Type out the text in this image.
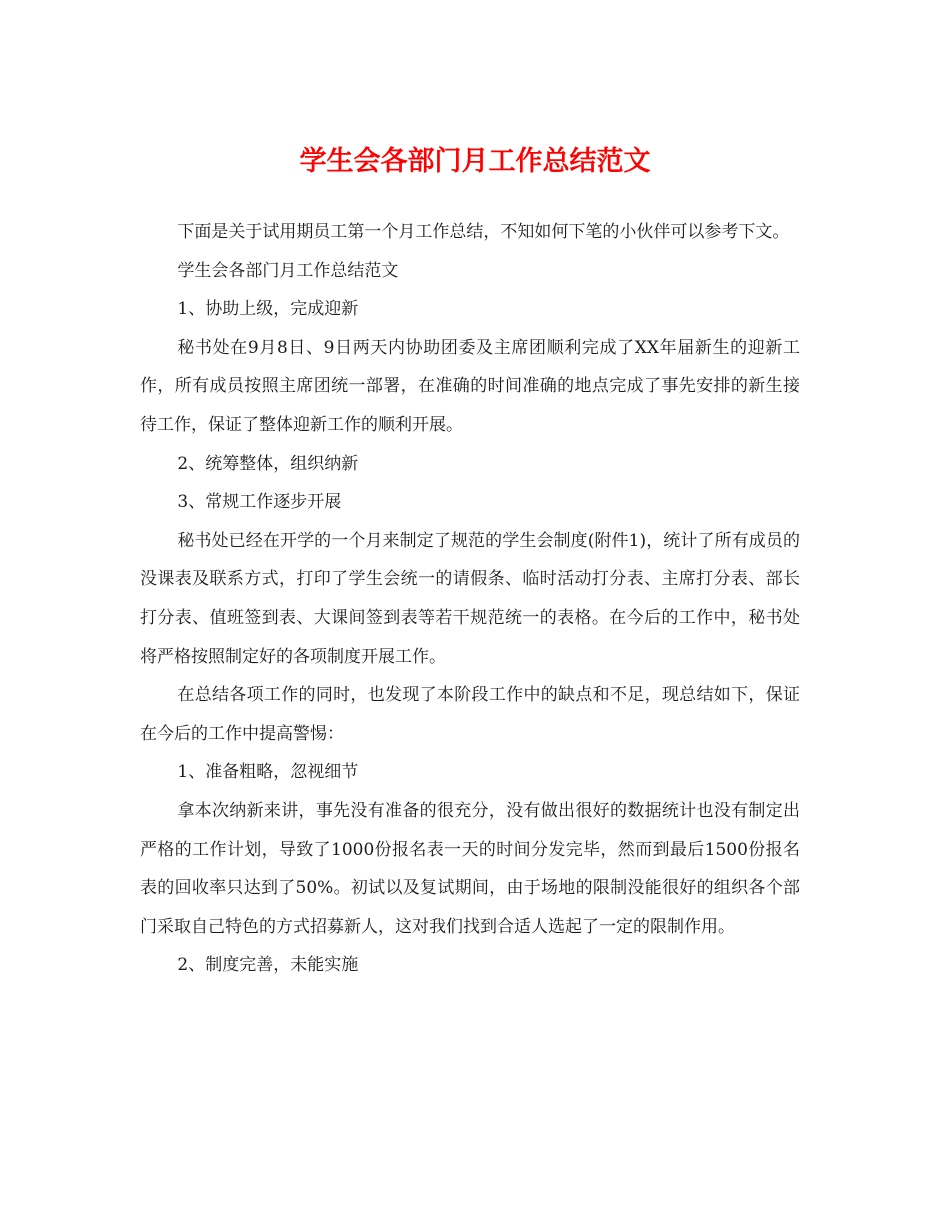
学生会各部门月工作总结范文

下面是关于试用期员工第一个月工作总结，不知如何下笔的小伙伴可以参考下文。

学生会各部门月工作总结范文

1、协助上级，完成迎新

秘书处在9月8日、9日两天内协助团委及主席团顺利完成了XX年届新生的迎新工作，所有成员按照主席团统一部署，在准确的时间准确的地点完成了事先安排的新生接待工作，保证了整体迎新工作的顺利开展。

2、统筹整体，组织纳新

3、常规工作逐步开展

秘书处已经在开学的一个月来制定了规范的学生会制度(附件1)，统计了所有成员的没课表及联系方式，打印了学生会统一的请假条、临时活动打分表、主席打分表、部长打分表、值班签到表、大课间签到表等若干规范统一的表格。在今后的工作中，秘书处将严格按照制定好的各项制度开展工作。

在总结各项工作的同时，也发现了本阶段工作中的缺点和不足，现总结如下，保证在今后的工作中提高警惕：

1、准备粗略，忽视细节

拿本次纳新来讲，事先没有准备的很充分，没有做出很好的数据统计也没有制定出严格的工作计划，导致了1000份报名表一天的时间分发完毕，然而到最后1500份报名表的回收率只达到了50%。初试以及复试期间，由于场地的限制没能很好的组织各个部门采取自己特色的方式招募新人，这对我们找到合适人选起了一定的限制作用。

2、制度完善，未能实施
